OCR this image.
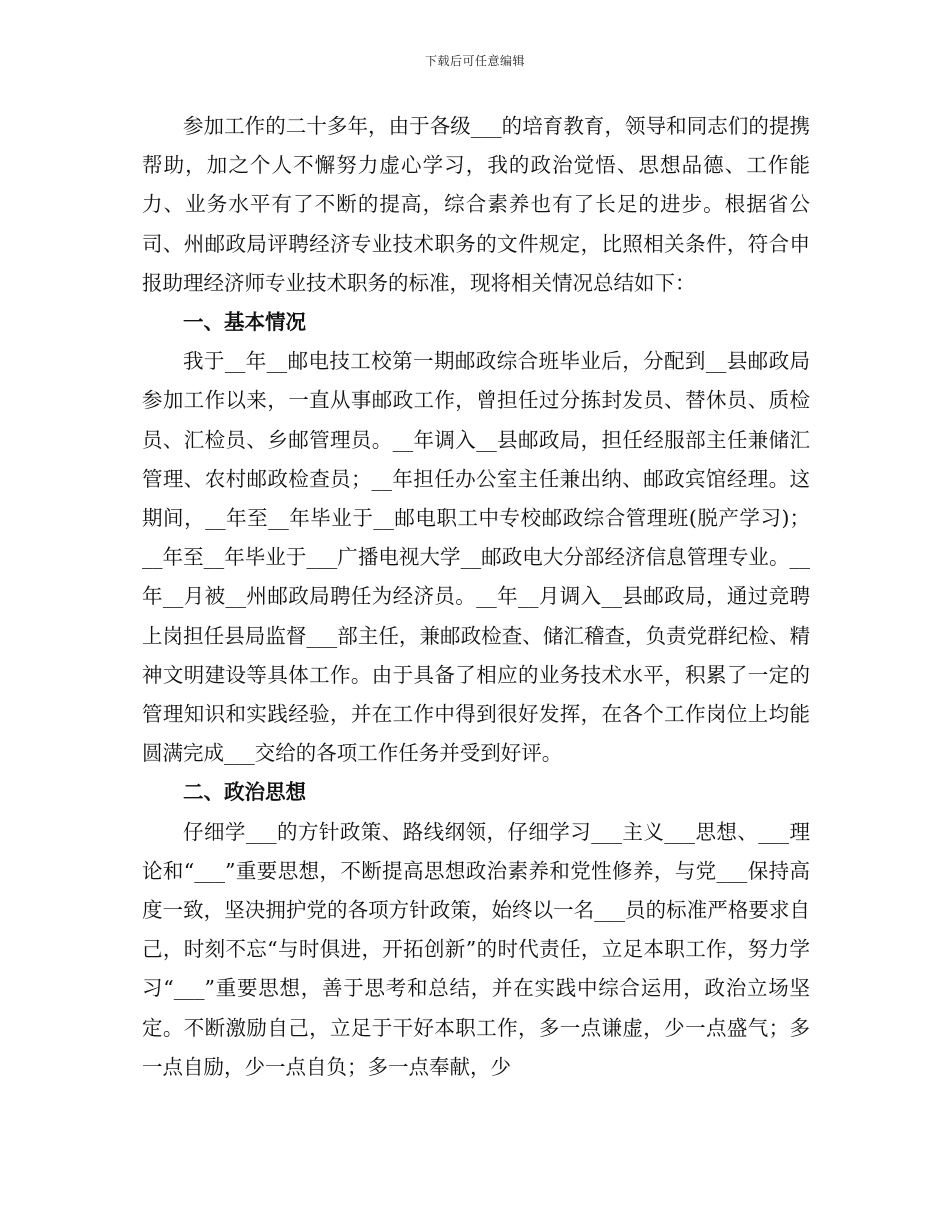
下载后可任意编辑

参加工作的二十多年，由于各级___的培育教育，领导和同志们的提携帮助，加之个人不懈努力虚心学习，我的政治觉悟、思想品德、工作能力、业务水平有了不断的提高，综合素养也有了长足的进步。根据省公司、州邮政局评聘经济专业技术职务的文件规定，比照相关条件，符合申报助理经济师专业技术职务的标准，现将相关情况总结如下：

一、基本情况

我于__年__邮电技工校第一期邮政综合班毕业后，分配到__县邮政局参加工作以来，一直从事邮政工作，曾担任过分拣封发员、替休员、质检员、汇检员、乡邮管理员。__年调入__县邮政局，担任经服部主任兼储汇管理、农村邮政检查员；__年担任办公室主任兼出纳、邮政宾馆经理。这期间，__年至__年毕业于__邮电职工中专校邮政综合管理班(脱产学习)；__年至__年毕业于___广播电视大学__邮政电大分部经济信息管理专业。__年__月被__州邮政局聘任为经济员。__年__月调入__县邮政局，通过竞聘上岗担任县局监督___部主任，兼邮政检查、储汇稽查，负责党群纪检、精神文明建设等具体工作。由于具备了相应的业务技术水平，积累了一定的管理知识和实践经验，并在工作中得到很好发挥，在各个工作岗位上均能圆满完成___交给的各项工作任务并受到好评。

二、政治思想

仔细学___的方针政策、路线纲领，仔细学习___主义___思想、___理论和“___”重要思想，不断提高思想政治素养和党性修养，与党___保持高度一致，坚决拥护党的各项方针政策，始终以一名___员的标准严格要求自己，时刻不忘“与时俱进，开拓创新”的时代责任，立足本职工作，努力学习“___”重要思想，善于思考和总结，并在实践中综合运用，政治立场坚定。不断激励自己，立足于干好本职工作，多一点谦虚，少一点盛气；多一点自励，少一点自负；多一点奉献，少
